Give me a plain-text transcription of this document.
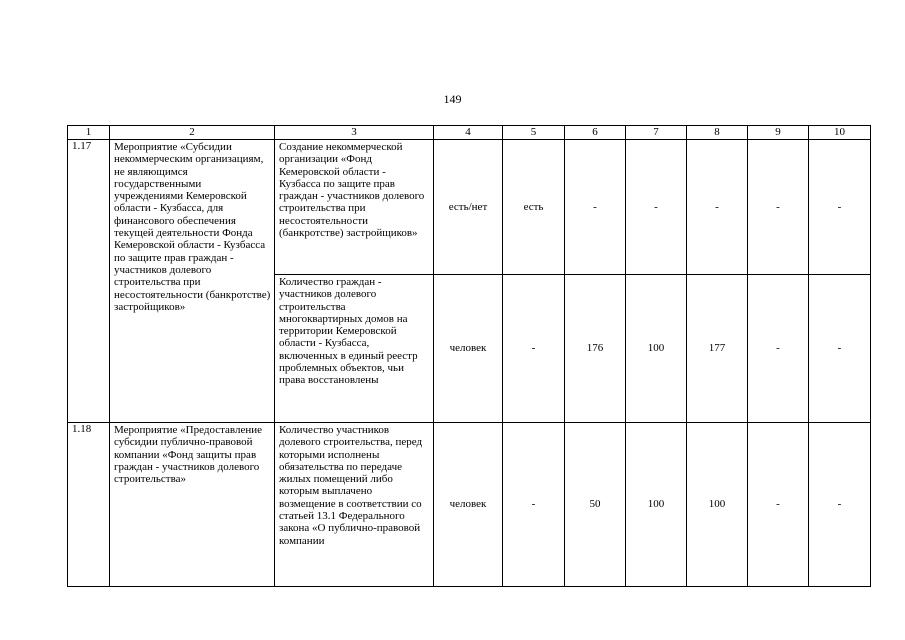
149
1	2	3	4	5	6	7	8	9	10
1.17	Мероприятие «Субсидии некоммерческим организациям, не являющимся государственными учреждениями Кемеровской области - Кузбасса, для финансового обеспечения текущей деятельности Фонда Кемеровской области - Кузбасса по защите прав граждан - участников долевого строительства при несостоятельности (банкротстве) застройщиков»	Создание некоммерческой организации «Фонд Кемеровской области - Кузбасса по защите прав граждан - участников долевого строительства при несостоятельности (банкротстве) застройщиков»	есть/нет	есть	-	-	-	-	-
		Количество граждан - участников долевого строительства многоквартирных домов на территории Кемеровской области - Кузбасса, включенных в единый реестр проблемных объектов, чьи права восстановлены	человек	-	176	100	177	-	-
1.18	Мероприятие «Предоставление субсидии публично-правовой компании «Фонд защиты прав граждан - участников долевого строительства»	Количество участников долевого строительства, перед которыми исполнены обязательства по передаче жилых помещений либо которым выплачено возмещение в соответствии со статьей 13.1 Федерального закона «О публично-правовой компании	человек	-	50	100	100	-	-
